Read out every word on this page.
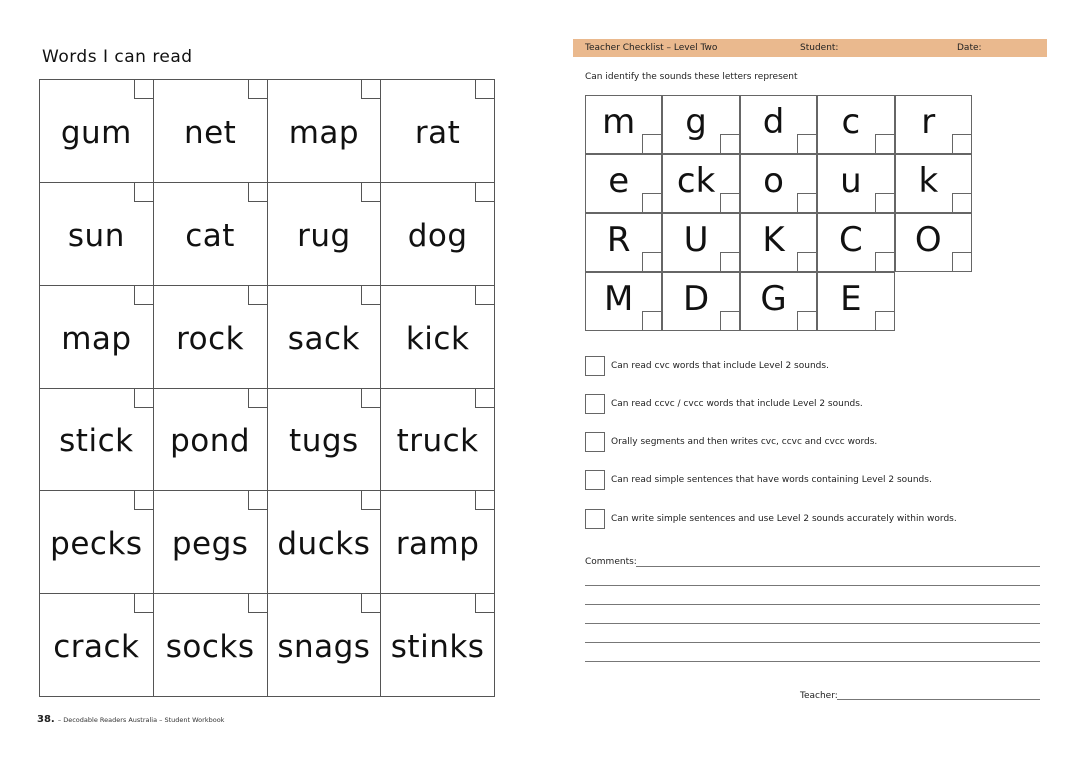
Words I can read
gum net map rat
sun cat rug dog
map rock sack kick
stick pond tugs truck
pecks pegs ducks ramp
crack socks snags stinks
38. – Decodable Readers Australia – Student Workbook
Teacher Checklist – Level Two	Student:	Date:
Can identify the sounds these letters represent
m g d c r
e ck o u k
R U K C O
M D G E
Can read cvc words that include Level 2 sounds.
Can read ccvc / cvcc words that include Level 2 sounds.
Orally segments and then writes cvc, ccvc and cvcc words.
Can read simple sentences that have words containing Level 2 sounds.
Can write simple sentences and use Level 2 sounds accurately within words.
Comments:
Teacher:
